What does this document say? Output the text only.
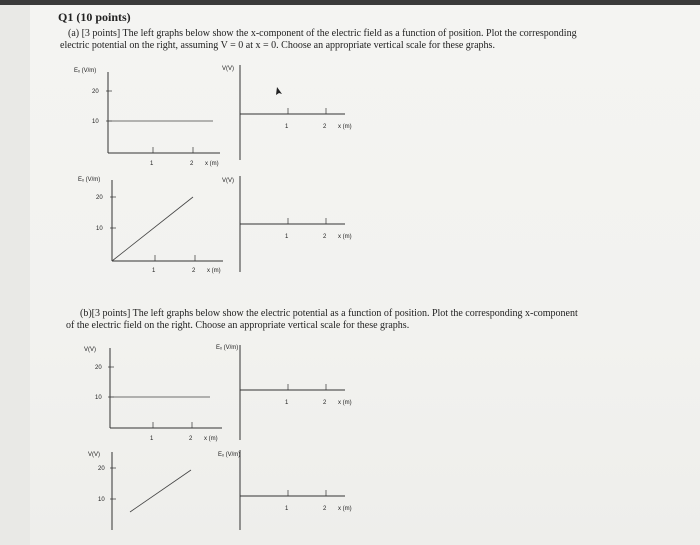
Q1 (10 points)
(a) [3 points] The left graphs below show the x-component of the electric field as a function of position. Plot the corresponding
electric potential on the right, assuming V = 0 at x = 0. Choose an appropriate vertical scale for these graphs.
(b)[3 points] The left graphs below show the electric potential as a function of position. Plot the corresponding x-component
of the electric field on the right. Choose an appropriate vertical scale for these graphs.
Eₓ (V/m)
20
10
1	2 x (m)
V(V)
1	2 x (m)
Eₓ (V/m)
20
10
1	2 x (m)
V(V)
1	2 x (m)
V(V)
20
10
1	2 x (m)
Eₓ (V/m)
1	2 x (m)
V(V)
20
10
Eₓ (V/m)
1	2 x (m)
